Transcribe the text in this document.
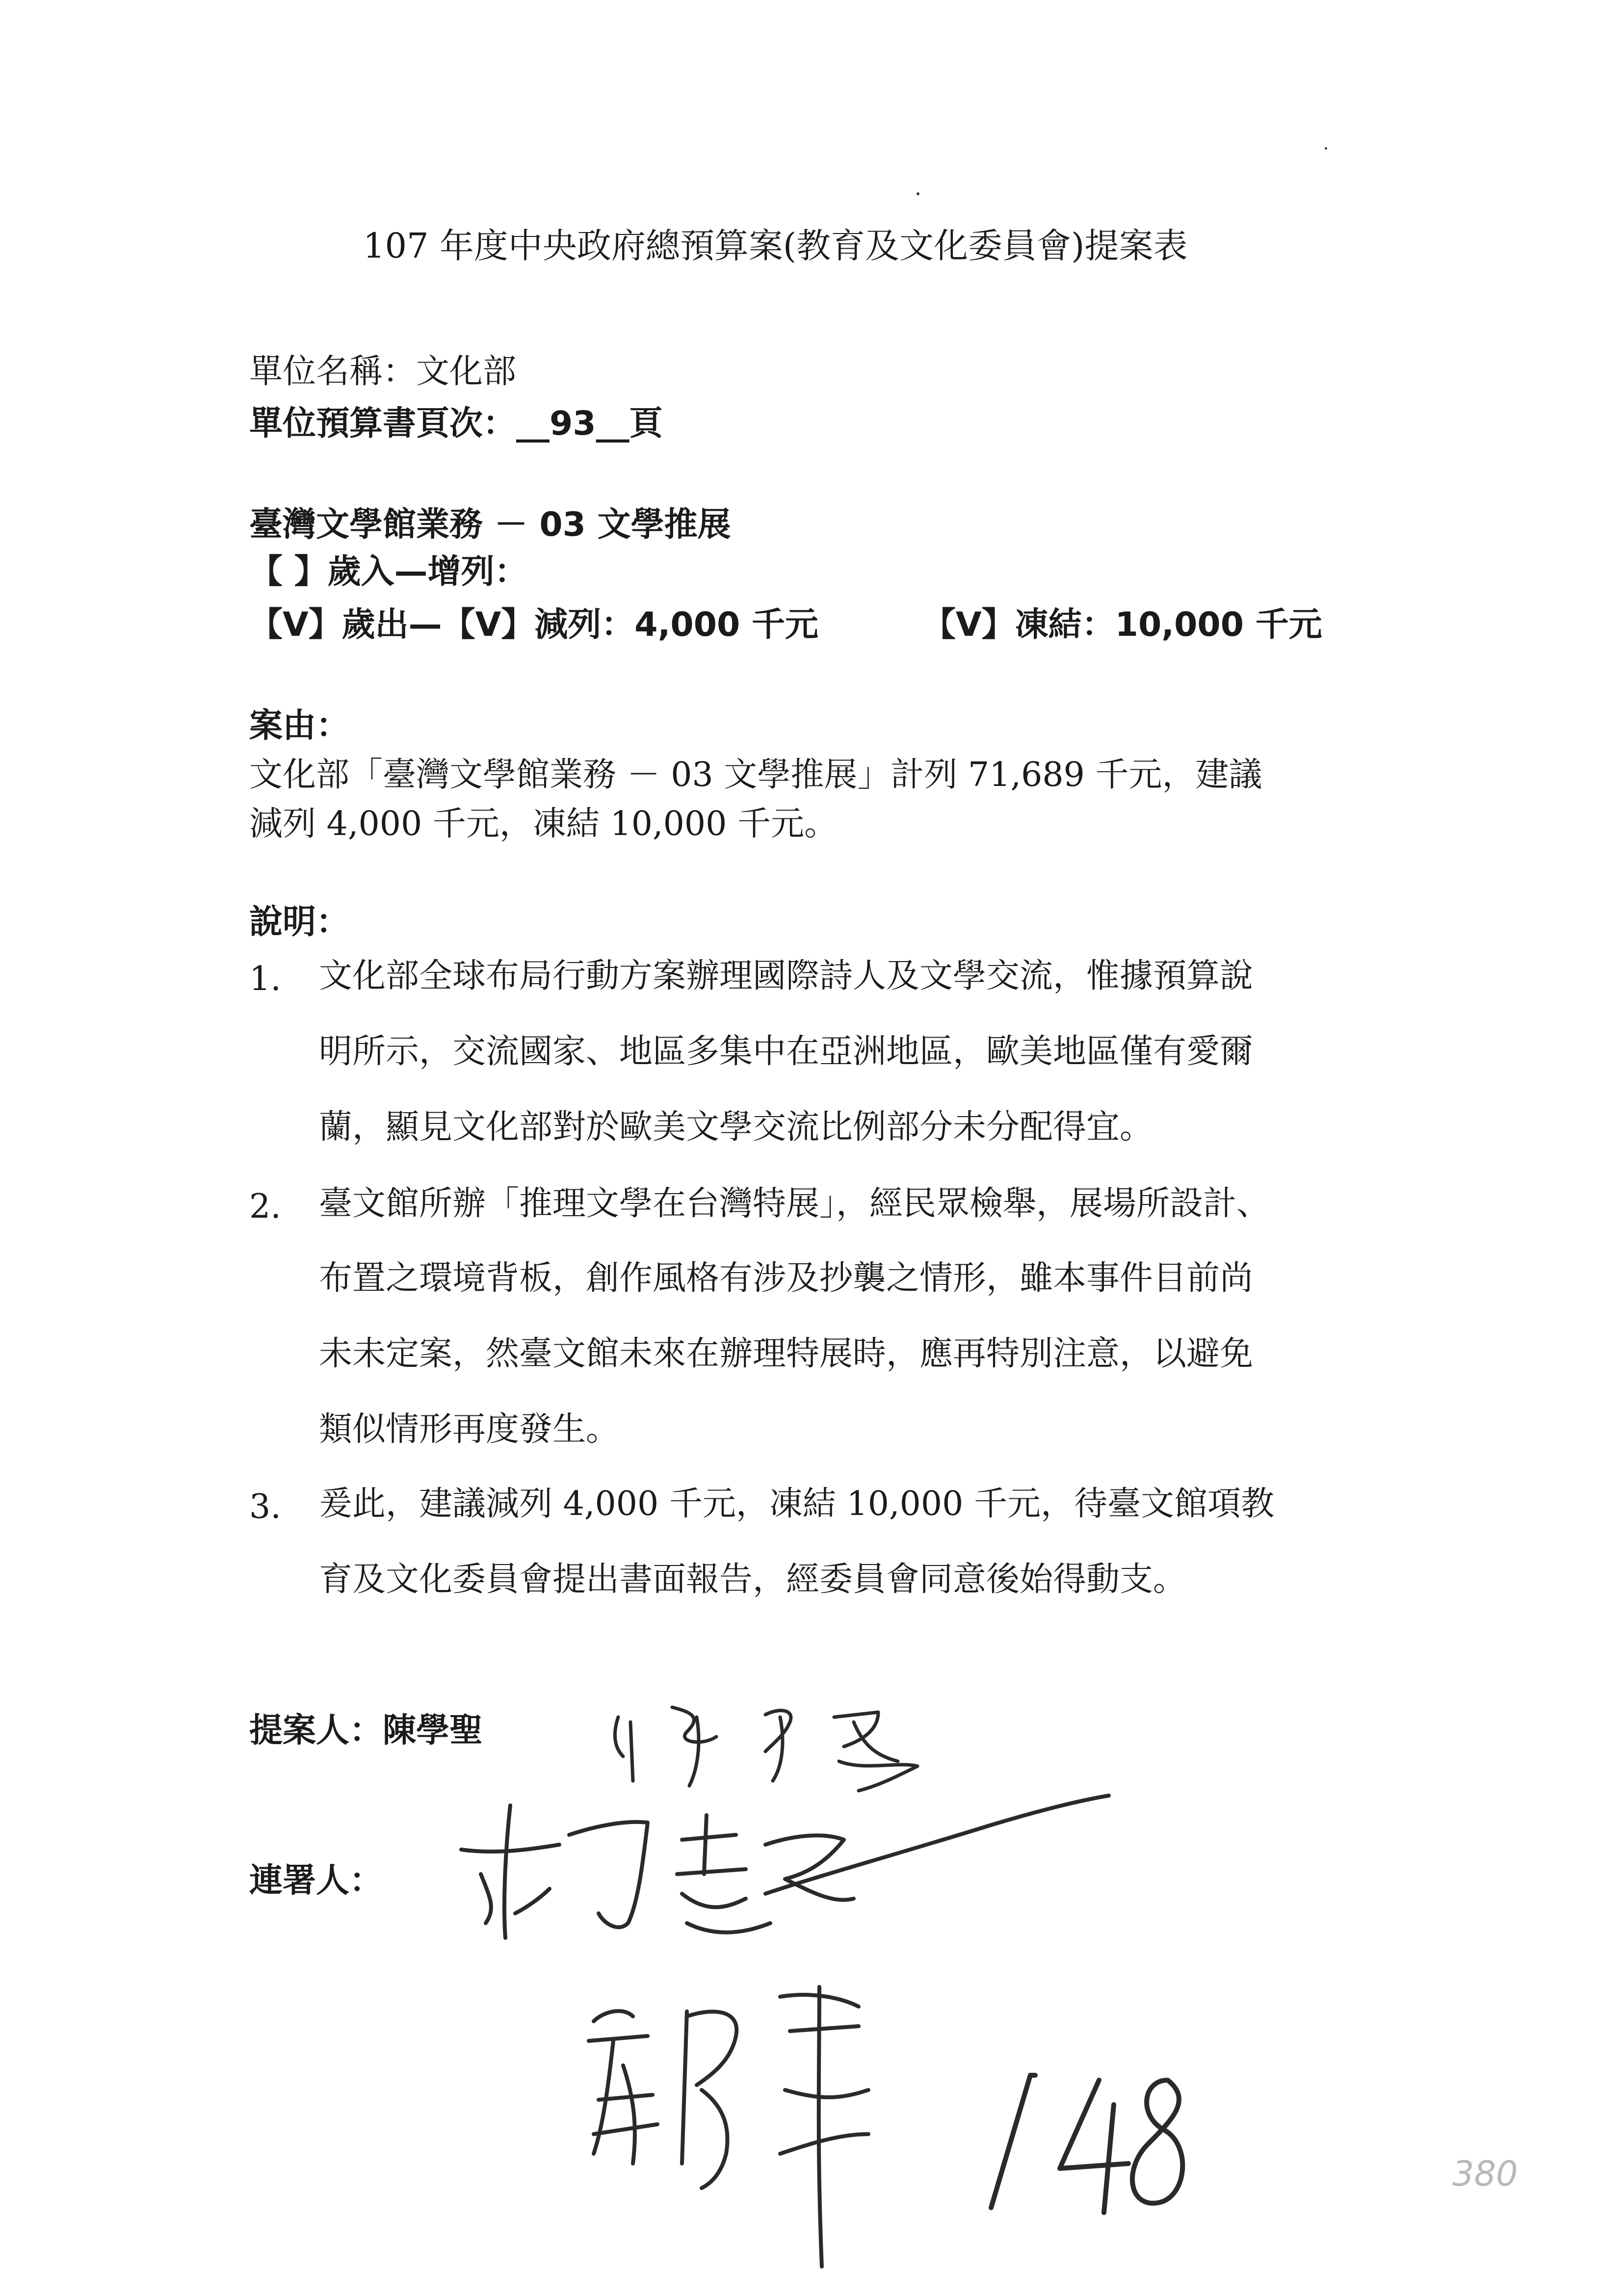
107 年度中央政府總預算案(教育及文化委員會)提案表
單位名稱：文化部
單位預算書頁次：__93__頁
臺灣文學館業務 － 03 文學推展
【 】歲入—增列：
【V】歲出—【V】減列：4,000 千元	【V】凍結：10,000 千元
案由：
文化部「臺灣文學館業務 － 03 文學推展」計列 71,689 千元，建議
減列 4,000 千元，凍結 10,000 千元。
說明：
1. 文化部全球布局行動方案辦理國際詩人及文學交流，惟據預算說
明所示，交流國家、地區多集中在亞洲地區，歐美地區僅有愛爾
蘭，顯見文化部對於歐美文學交流比例部分未分配得宜。
2. 臺文館所辦「推理文學在台灣特展」，經民眾檢舉，展場所設計、
布置之環境背板，創作風格有涉及抄襲之情形，雖本事件目前尚
未未定案，然臺文館未來在辦理特展時，應再特別注意，以避免
類似情形再度發生。
3. 爰此，建議減列 4,000 千元，凍結 10,000 千元，待臺文館項教
育及文化委員會提出書面報告，經委員會同意後始得動支。
提案人：陳學聖
連署人：
380
